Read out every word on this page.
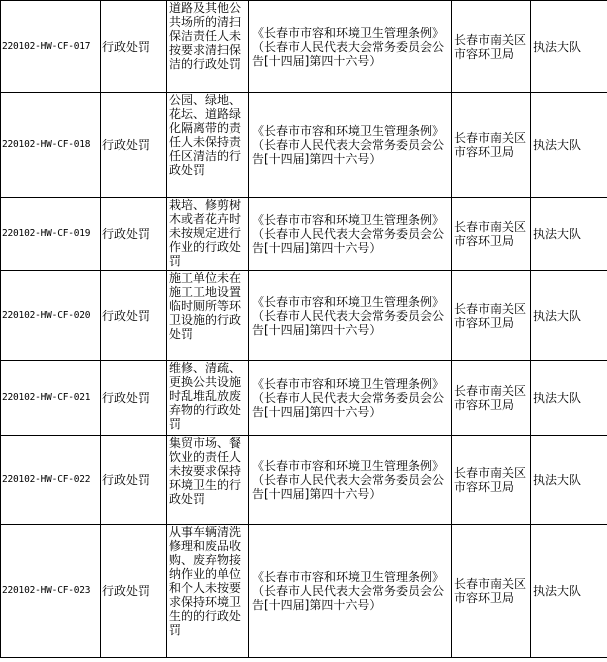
220102-HW-CF-017	行政处罚	道路及其他公共场所的清扫保洁责任人未按要求清扫保洁的行政处罚	《长春市市容和环境卫生管理条例》（长春市人民代表大会常务委员会公告[十四届]第四十六号）	长春市南关区市容环卫局	执法大队
220102-HW-CF-018	行政处罚	公园、绿地、花坛、道路绿化隔离带的责任人未保持责任区清洁的行政处罚	《长春市市容和环境卫生管理条例》（长春市人民代表大会常务委员会公告[十四届]第四十六号）	长春市南关区市容环卫局	执法大队
220102-HW-CF-019	行政处罚	栽培、修剪树木或者花卉时未按规定进行作业的行政处罚	《长春市市容和环境卫生管理条例》（长春市人民代表大会常务委员会公告[十四届]第四十六号）	长春市南关区市容环卫局	执法大队
220102-HW-CF-020	行政处罚	施工单位未在施工工地设置临时厕所等环卫设施的行政处罚	《长春市市容和环境卫生管理条例》（长春市人民代表大会常务委员会公告[十四届]第四十六号）	长春市南关区市容环卫局	执法大队
220102-HW-CF-021	行政处罚	维修、清疏、更换公共设施时乱堆乱放废弃物的行政处罚	《长春市市容和环境卫生管理条例》（长春市人民代表大会常务委员会公告[十四届]第四十六号）	长春市南关区市容环卫局	执法大队
220102-HW-CF-022	行政处罚	集贸市场、餐饮业的责任人未按要求保持环境卫生的行政处罚	《长春市市容和环境卫生管理条例》（长春市人民代表大会常务委员会公告[十四届]第四十六号）	长春市南关区市容环卫局	执法大队
220102-HW-CF-023	行政处罚	从事车辆清洗修理和废品收购、废弃物接纳作业的单位和个人未按要求保持环境卫生的的行政处罚	《长春市市容和环境卫生管理条例》（长春市人民代表大会常务委员会公告[十四届]第四十六号）	长春市南关区市容环卫局	执法大队
